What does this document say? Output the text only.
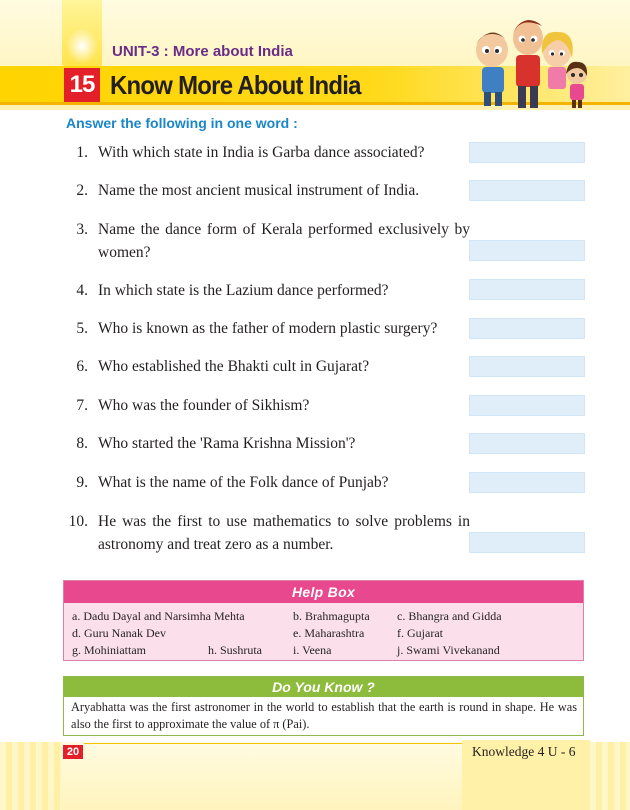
UNIT-3 : More about India
15 Know More About India
Answer the following in one word :
1. With which state in India is Garba dance associated?
2. Name the most ancient musical instrument of India.
3. Name the dance form of Kerala performed exclusively by women?
4. In which state is the Lazium dance performed?
5. Who is known as the father of modern plastic surgery?
6. Who established the Bhakti cult in Gujarat?
7. Who was the founder of Sikhism?
8. Who started the 'Rama Krishna Mission'?
9. What is the name of the Folk dance of Punjab?
10. He was the first to use mathematics to solve problems in astronomy and treat zero as a number.
Help Box
a. Dadu Dayal and Narsimha Mehta	b. Brahmagupta c. Bhangra and Gidda
d. Guru Nanak Dev	e. Maharashtra	f. Gujarat
g. Mohiniattam	h. Sushruta	i. Veena	j. Swami Vivekanand
Do You Know ?
Aryabhatta was the first astronomer in the world to establish that the earth is round in shape. He was also the first to approximate the value of π (Pai).
20	Knowledge 4 U - 6
